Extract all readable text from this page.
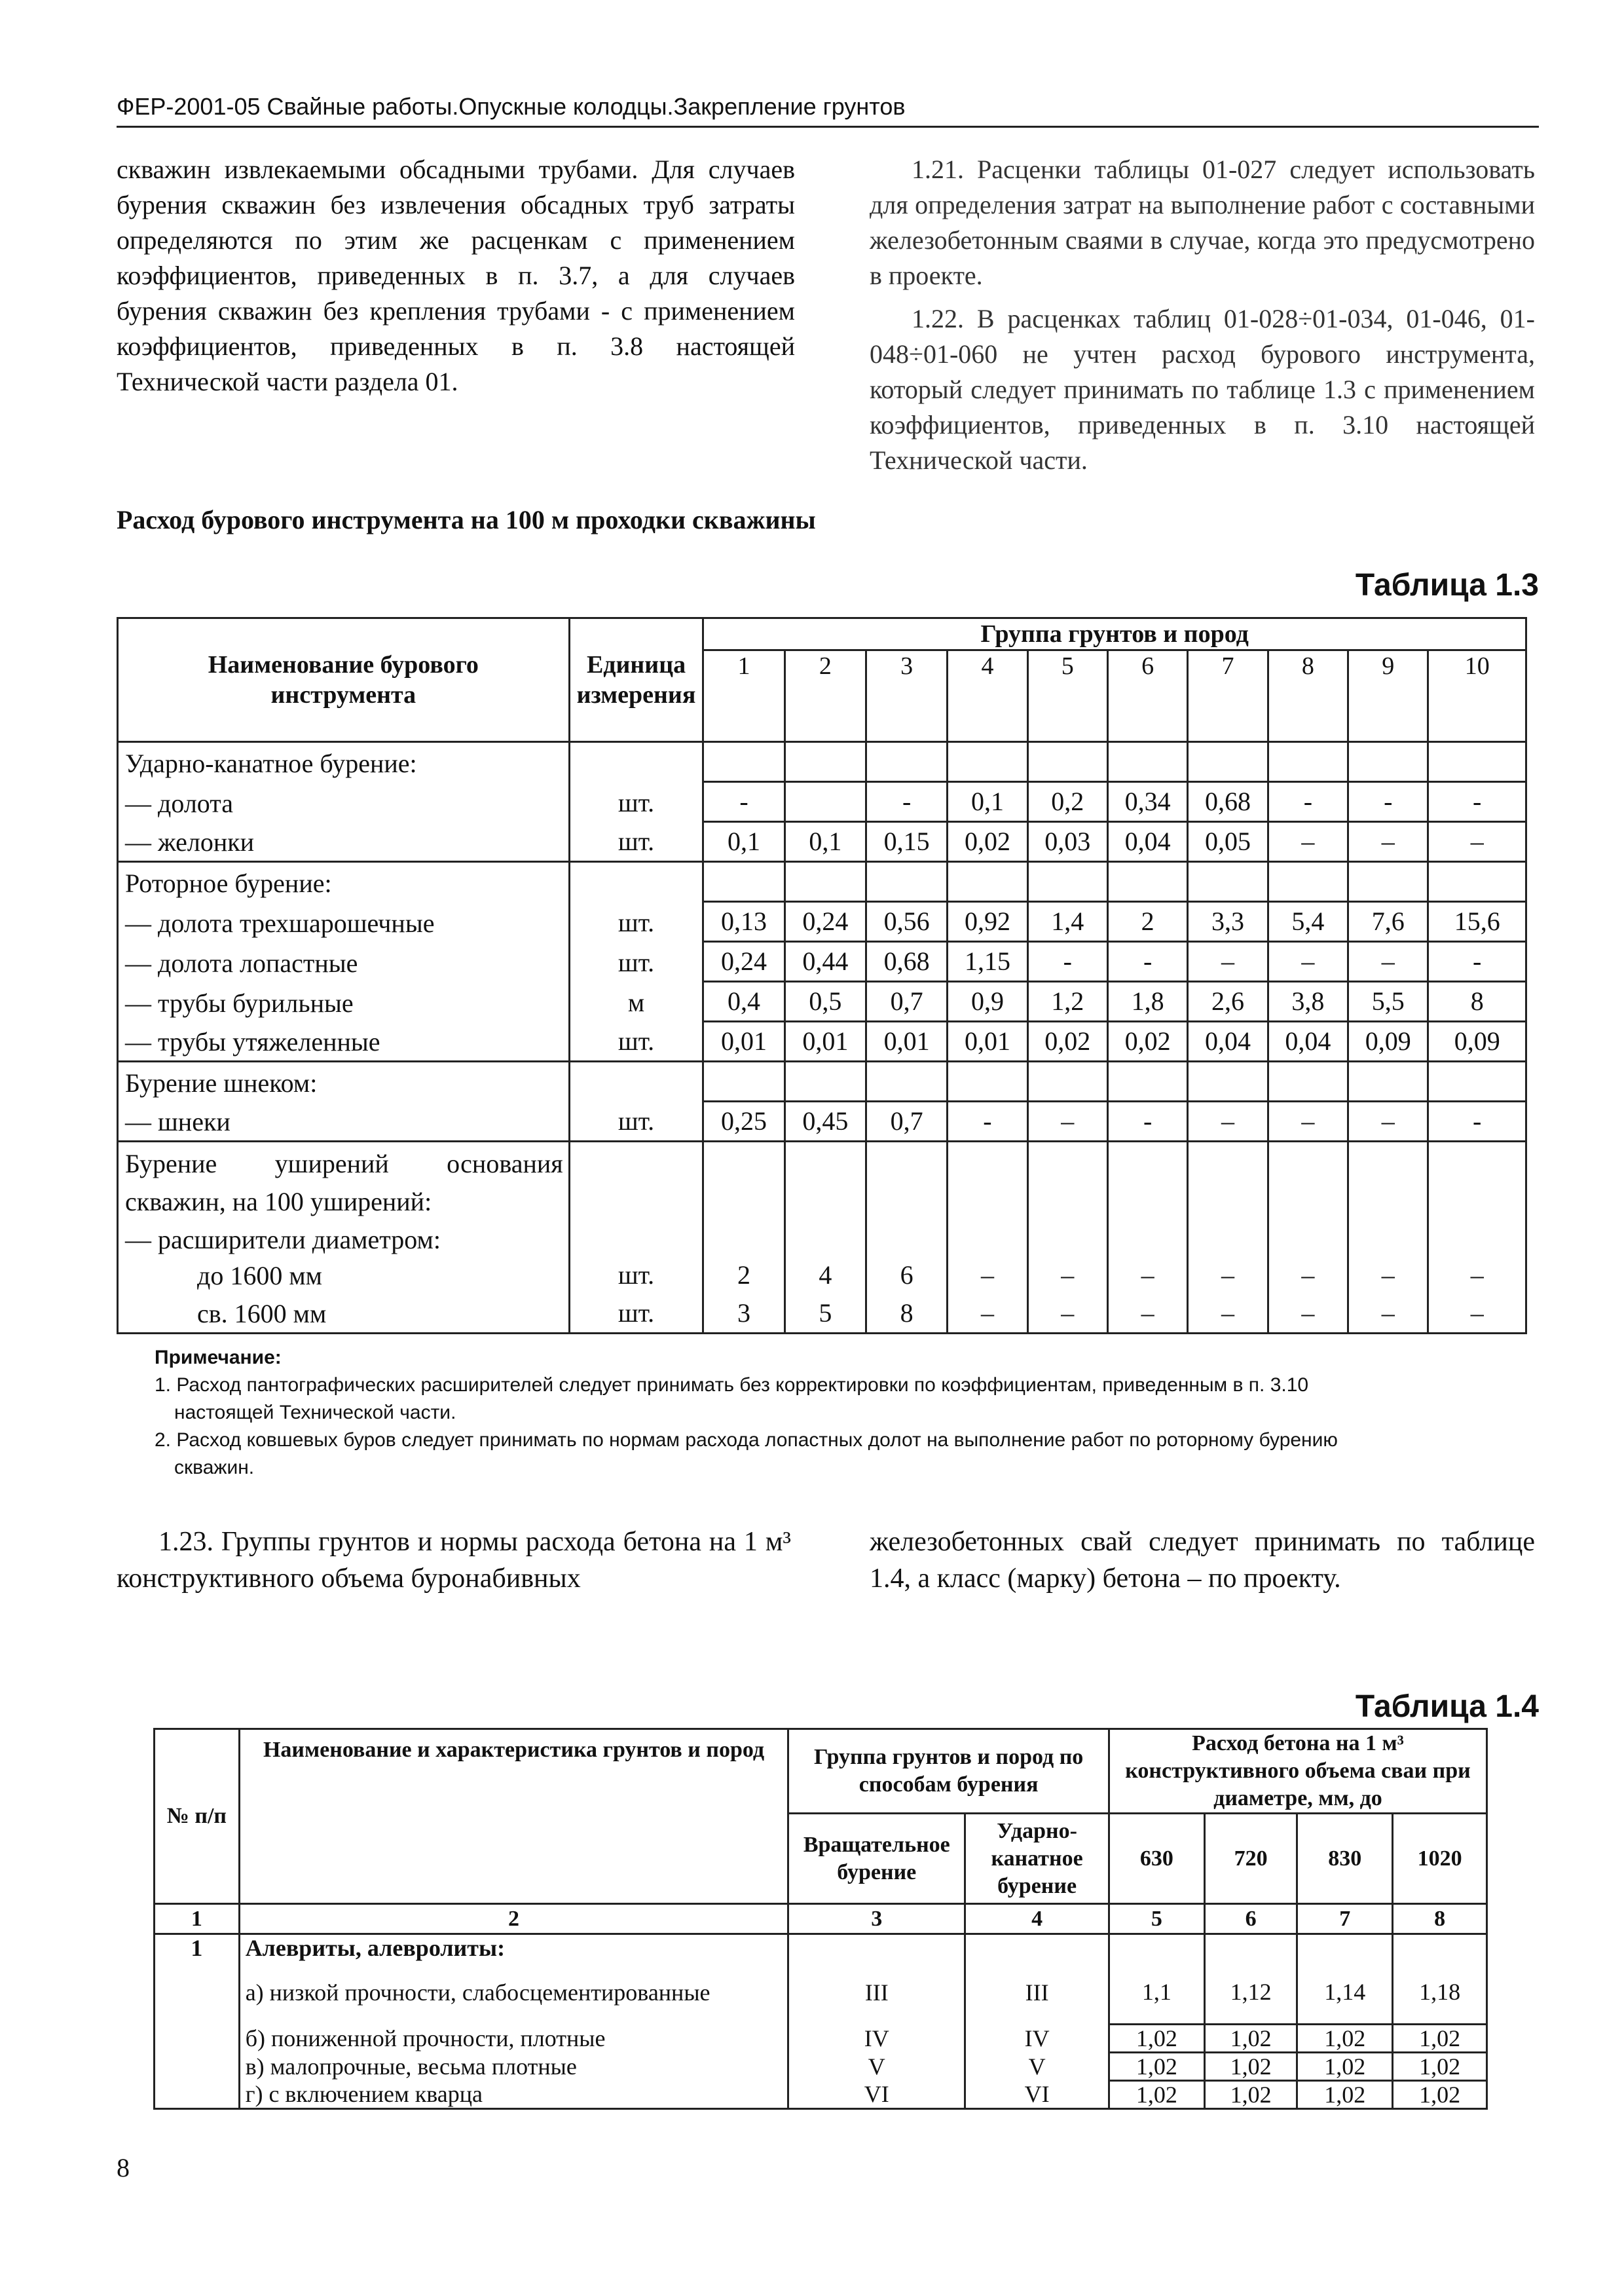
ФЕР-2001-05 Свайные работы.Опускные колодцы.Закрепление грунтов

скважин извлекаемыми обсадными трубами. Для случаев бурения скважин без извлечения обсадных труб затраты определяются по этим же расценкам с применением коэффициентов, приведенных в п. 3.7, а для случаев бурения скважин без крепления трубами - с применением коэффициентов, приведенных в п. 3.8 настоящей Технической части раздела 01.

1.21. Расценки таблицы 01-027 следует использовать для определения затрат на выполнение работ с составными железобетонным сваями в случае, когда это предусмотрено в проекте.

1.22. В расценках таблиц 01-028÷01-034, 01-046, 01-048÷01-060 не учтен расход бурового инструмента, который следует принимать по таблице 1.3 с применением коэффициентов, приведенных в п. 3.10 настоящей Технической части.

Расход бурового инструмента на 100 м проходки скважины
Таблица 1.3
Наименование бурового инструмента	Единица измерения	Группа грунтов и пород									
		1	2	3	4	5	6	7	8	9	10
Ударно-канатное бурение:											
— долота	шт.	-		-	0,1	0,2	0,34	0,68	-	-	-
— желонки	шт.	0,1	0,1	0,15	0,02	0,03	0,04	0,05	–	–	–
Роторное бурение:											
— долота трехшарошечные	шт.	0,13	0,24	0,56	0,92	1,4	2	3,3	5,4	7,6	15,6
— долота лопастные	шт.	0,24	0,44	0,68	1,15	-	-	–	–	–	-
— трубы бурильные	м	0,4	0,5	0,7	0,9	1,2	1,8	2,6	3,8	5,5	8
— трубы утяжеленные	шт.	0,01	0,01	0,01	0,01	0,02	0,02	0,04	0,04	0,09	0,09
Бурение шнеком:											
— шнеки	шт.	0,25	0,45	0,7	-	–	-	–	–	–	-
Бурение уширений основания											
скважин, на 100 уширений:											
— расширители диаметром:											
до 1600 мм	шт.	2	4	6	–	–	–	–	–	–	–
св. 1600 мм	шт.	3	5	8	–	–	–	–	–	–	–
Примечание:
1. Расход пантографических расширителей следует принимать без корректировки по коэффициентам, приведенным в п. 3.10
настоящей Технической части.
2. Расход ковшевых буров следует принимать по нормам расхода лопастных долот на выполнение работ по роторному бурению
скважин.

1.23. Группы грунтов и нормы расхода бетона на 1 м³ конструктивного объема буронабивных

железобетонных свай следует принимать по таблице 1.4, а класс (марку) бетона – по проекту.

Таблица 1.4
№ п/п	Наименование и характеристика грунтов и пород	Группа грунтов и пород по способам бурения		Расход бетона на 1 м³ конструктивного объема сваи при диаметре, мм, до			
		Вращательное бурение	Ударно-канатное бурение	630	720	830	1020
1	2	3	4	5	6	7	8
1	Алевриты, алевролиты:						
	а) низкой прочности, слабосцементированные	III	III	1,1	1,12	1,14	1,18
	б) пониженной прочности, плотные	IV	IV	1,02	1,02	1,02	1,02
	в) малопрочные, весьма плотные	V	V	1,02	1,02	1,02	1,02
	г) с включением кварца	VI	VI	1,02	1,02	1,02	1,02
8
